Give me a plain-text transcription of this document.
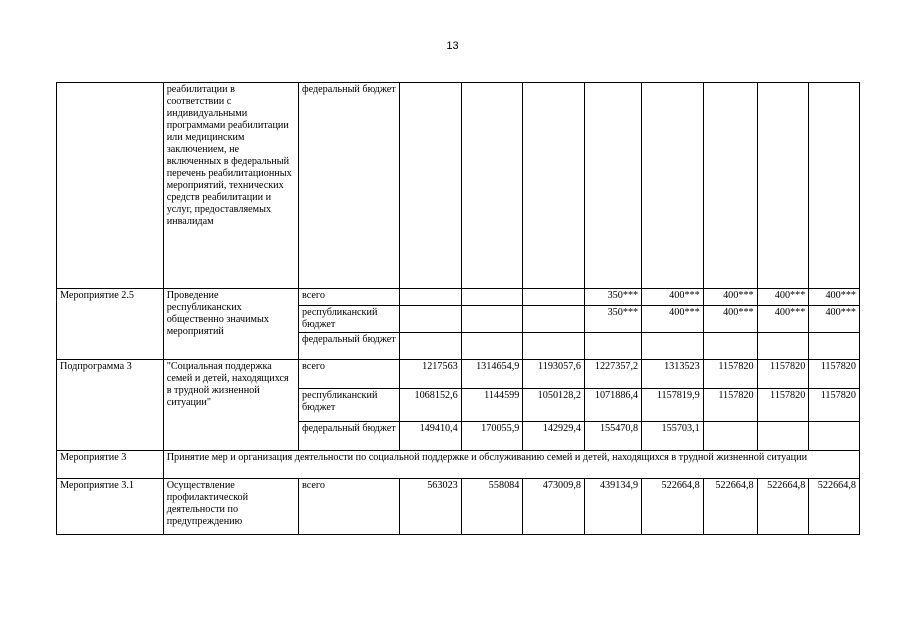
13
	реабилитации в соответствии с индивидуальными программами реабилитации или медицинским заключением, не включенных в федеральный перечень реабилитационных мероприятий, технических средств реабилитации и услуг, предоставляемых инвалидам	федеральный бюджет								
Мероприятие 2.5	Проведение республиканских общественно значимых мероприятий	всего				350***	400***	400***	400***	400***
		республиканский бюджет				350***	400***	400***	400***	400***
		федеральный бюджет								
Подпрограмма 3	"Социальная поддержка семей и детей, находящихся в трудной жизненной ситуации"	всего	1217563	1314654,9	1193057,6	1227357,2	1313523	1157820	1157820	1157820
		республиканский бюджет	1068152,6	1144599	1050128,2	1071886,4	1157819,9	1157820	1157820	1157820
		федеральный бюджет	149410,4	170055,9	142929,4	155470,8	155703,1			
Мероприятие 3	Принятие мер и организация деятельности по социальной поддержке и обслуживанию семей и детей, находящихся в трудной жизненной ситуации									
Мероприятие 3.1	Осуществление профилактической деятельности по предупреждению	всего	563023	558084	473009,8	439134,9	522664,8	522664,8	522664,8	522664,8
